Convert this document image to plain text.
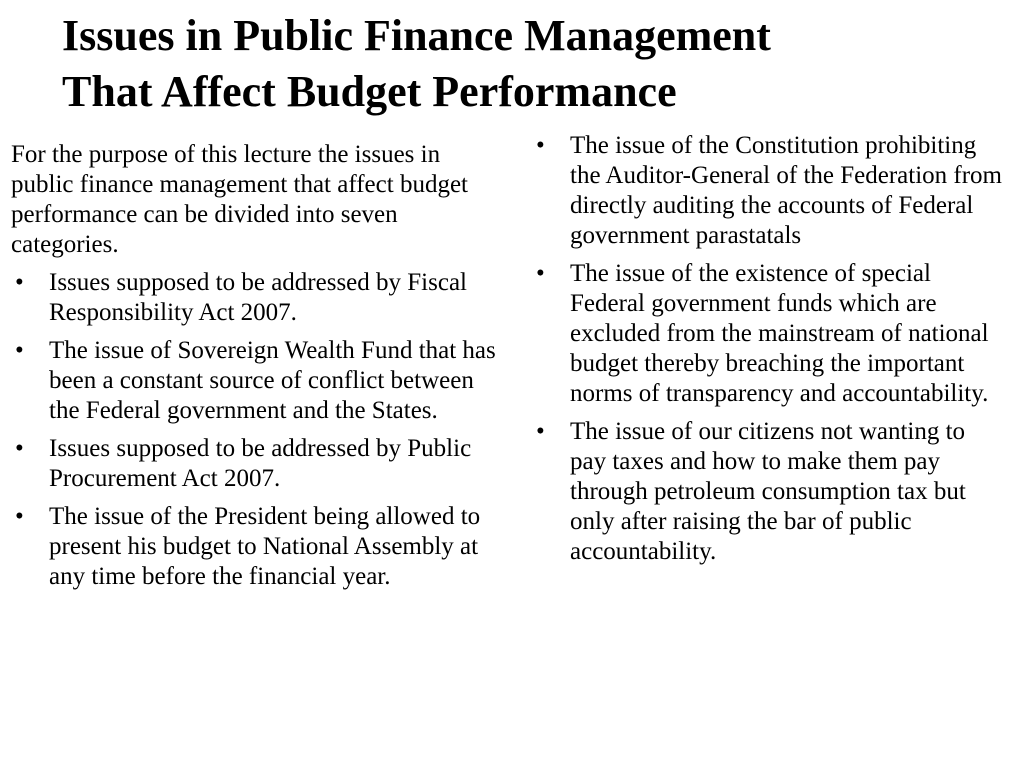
Issues in Public Finance Management
That Affect Budget Performance

For the purpose of this lecture the issues in public finance management that affect budget performance can be divided into seven categories.

• Issues supposed to be addressed by Fiscal Responsibility Act 2007.
• The issue of Sovereign Wealth Fund that has been a constant source of conflict between the Federal government and the States.
• Issues supposed to be addressed by Public Procurement Act 2007.
• The issue of the President being allowed to present his budget to National Assembly at any time before the financial year.
• The issue of the Constitution prohibiting the Auditor-General of the Federation from directly auditing the accounts of Federal government parastatals
• The issue of the existence of special Federal government funds which are excluded from the mainstream of national budget thereby breaching the important norms of transparency and accountability.
• The issue of our citizens not wanting to pay taxes and how to make them pay through petroleum consumption tax but only after raising the bar of public accountability.
